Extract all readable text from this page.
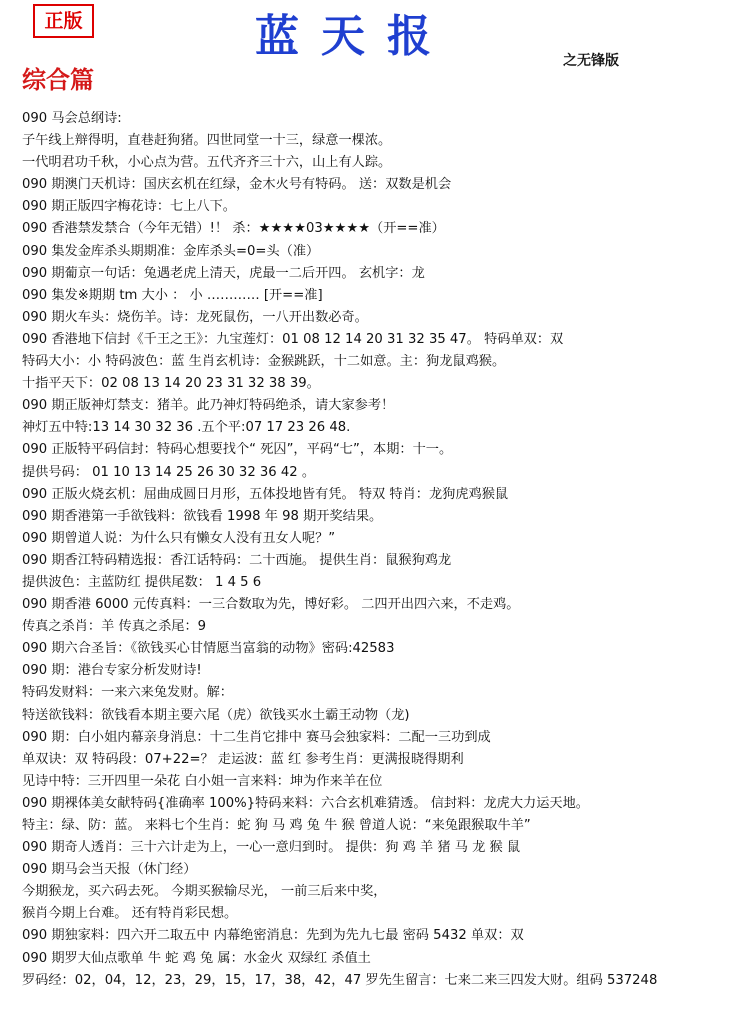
正版	蓝天报	之无锋版
综合篇
090 马会总纲诗:
子午线上辩得明，直巷赶狗猪。四世同堂一十三，绿意一棵浓。
一代明君功千秋，小心点为营。五代齐齐三十六，山上有人踪。
090 期澳门天机诗：国庆玄机在红绿，金木火号有特码。 送：双数是机会
090 期正版四字梅花诗：七上八下。
090 香港禁发禁合（今年无错）!！ 杀：★★★★03★★★★（开==准）
090 集发金库杀头期期准：金库杀头=0=头（准）
090 期葡京一句话：兔遇老虎上清天，虎最一二后开四。 玄机字：龙
090 集发※期期 tm 大小 ： 小 ………… [开==准]
090 期火车头：烧伤羊。诗：龙死鼠伤，一八开出数必奇。
090 香港地下信封《千王之王》：九宝莲灯：01 08 12 14 20 31 32 35 47。 特码单双：双
特码大小：小 特码波色：蓝 生肖玄机诗：金猴跳跃，十二如意。主：狗龙鼠鸡猴。
十指平天下：02 08 13 14 20 23 31 32 38 39。
090 期正版神灯禁支：猪羊。此乃神灯特码绝杀，请大家参考！
神灯五中特:13 14 30 32 36 .五个平:07 17 23 26 48.
090 正版特平码信封：特码心想要找个“ 死囚”，平码“七”，本期：十一。
提供号码： 01 10 13 14 25 26 30 32 36 42 。
090 正版火烧玄机：屈曲成圆日月形，五体投地皆有凭。 特双 特肖：龙狗虎鸡猴鼠
090 期香港第一手欲钱料：欲钱看 1998 年 98 期开奖结果。
090 期曾道人说：为什么只有懒女人没有丑女人呢？”
090 期香江特码精选报：香江话特码：二十西施。 提供生肖：鼠猴狗鸡龙
提供波色：主蓝防红 提供尾数： 1 4 5 6
090 期香港 6000 元传真料：一三合数取为先，博好彩。 二四开出四六来，不走鸡。
传真之杀肖：羊 传真之杀尾：9
090 期六合圣旨：《欲钱买心甘情愿当富翁的动物》密码:42583
090 期：港台专家分析发财诗!
特码发财料：一来六来兔发财。解：
特送欲钱料：欲钱看本期主要六尾（虎）欲钱买水土霸王动物（龙)
090 期：白小姐内幕亲身消息：十二生肖它排中 赛马会独家料：二配一三功到成
单双诀：双 特码段：07+22=？ 走运波：蓝 红 参考生肖：更满报晓得期利
见诗中特：三开四里一朵花 白小姐一言来料：坤为作来羊在位
090 期裸体美女献特码{准确率 100%}特码来料：六合玄机难猜透。 信封料：龙虎大力运天地。
特主：绿、防：蓝。 来料七个生肖：蛇 狗 马 鸡 兔 牛 猴 曾道人说：“来兔跟猴取牛羊”
090 期奇人透肖：三十六计走为上，一心一意归到时。 提供：狗 鸡 羊 猪 马 龙 猴 鼠
090 期马会当天报（休门经）
今期猴龙，买六码去死。 今期买猴输尽光， 一前三后来中奖，
猴肖今期上台难。 还有特肖彩民想。
090 期独家料：四六开二取五中 内幕绝密消息：先到为先九七最 密码 5432 单双：双
090 期罗大仙点歌单 牛 蛇 鸡 兔 属：水金火 双绿红 杀值土
罗码经：02，04，12，23，29，15，17，38，42，47 罗先生留言：七来二来三四发大财。组码 537248
